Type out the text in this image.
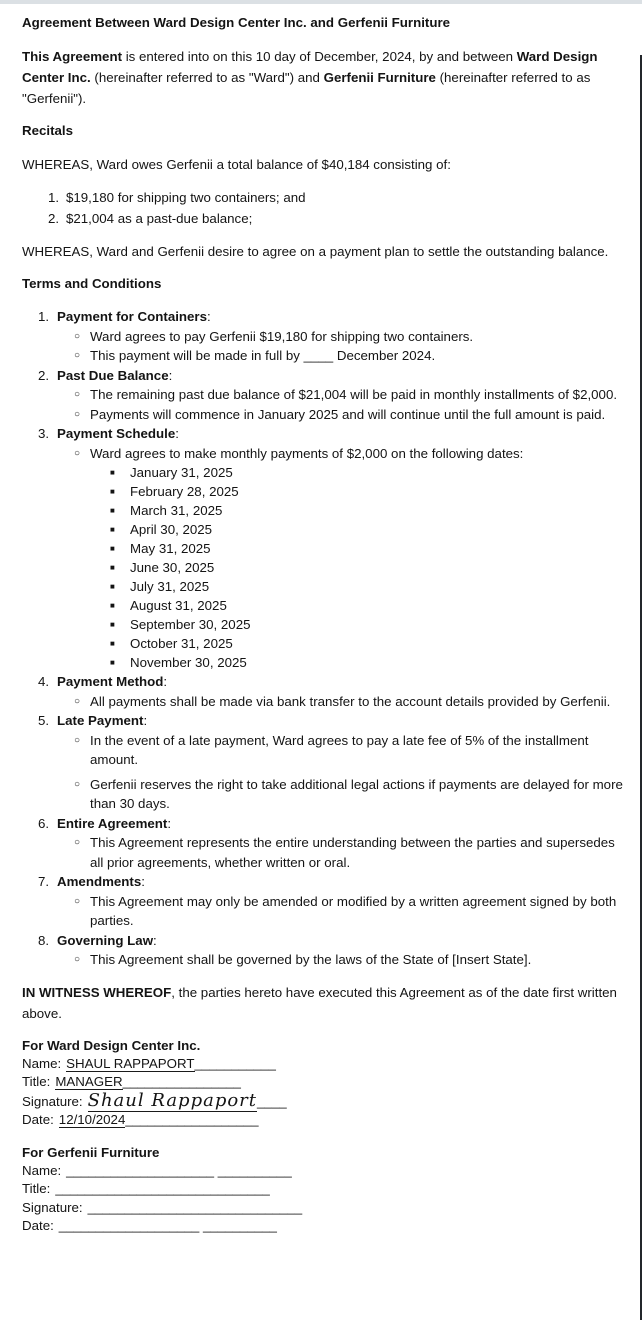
Agreement Between Ward Design Center Inc. and Gerfenii Furniture

This Agreement is entered into on this 10 day of December, 2024, by and between Ward Design Center Inc. (hereinafter referred to as "Ward") and Gerfenii Furniture (hereinafter referred to as "Gerfenii").

Recitals

WHEREAS, Ward owes Gerfenii a total balance of $40,184 consisting of:

1. $19,180 for shipping two containers; and
2. $21,004 as a past-due balance;

WHEREAS, Ward and Gerfenii desire to agree on a payment plan to settle the outstanding balance.

Terms and Conditions
1. Payment for Containers:
○ Ward agrees to pay Gerfenii $19,180 for shipping two containers.
○ This payment will be made in full by ____ December 2024.
2. Past Due Balance:
○ The remaining past due balance of $21,004 will be paid in monthly installments of $2,000.
○ Payments will commence in January 2025 and will continue until the full amount is paid.
3. Payment Schedule:
○ Ward agrees to make monthly payments of $2,000 on the following dates:
■	January 31, 2025
■	February 28, 2025
■	March 31, 2025
■	April 30, 2025
■	May 31, 2025
■	June 30, 2025
■	July 31, 2025
■	August 31, 2025
■	September 30, 2025
■	October 31, 2025
■	November 30, 2025
4. Payment Method:
○ All payments shall be made via bank transfer to the account details provided by Gerfenii.
5. Late Payment:
○ In the event of a late payment, Ward agrees to pay a late fee of 5% of the installment amount.
○ Gerfenii reserves the right to take additional legal actions if payments are delayed for more than 30 days.
6. Entire Agreement:
○ This Agreement represents the entire understanding between the parties and supersedes all prior agreements, whether written or oral.
7. Amendments:
○ This Agreement may only be amended or modified by a written agreement signed by both parties.
8. Governing Law:
○ This Agreement shall be governed by the laws of the State of [Insert State].

IN WITNESS WHEREOF, the parties hereto have executed this Agreement as of the date first written above.

For Ward Design Center Inc.
Name: SHAUL RAPPAPORT___________
Title: MANAGER________________
Signature: Shaul Rappaport____
Date: 12/10/2024__________________
For Gerfenii Furniture
Name: ____________________ __________
Title: _____________________________
Signature: _____________________________
Date: ___________________ __________
